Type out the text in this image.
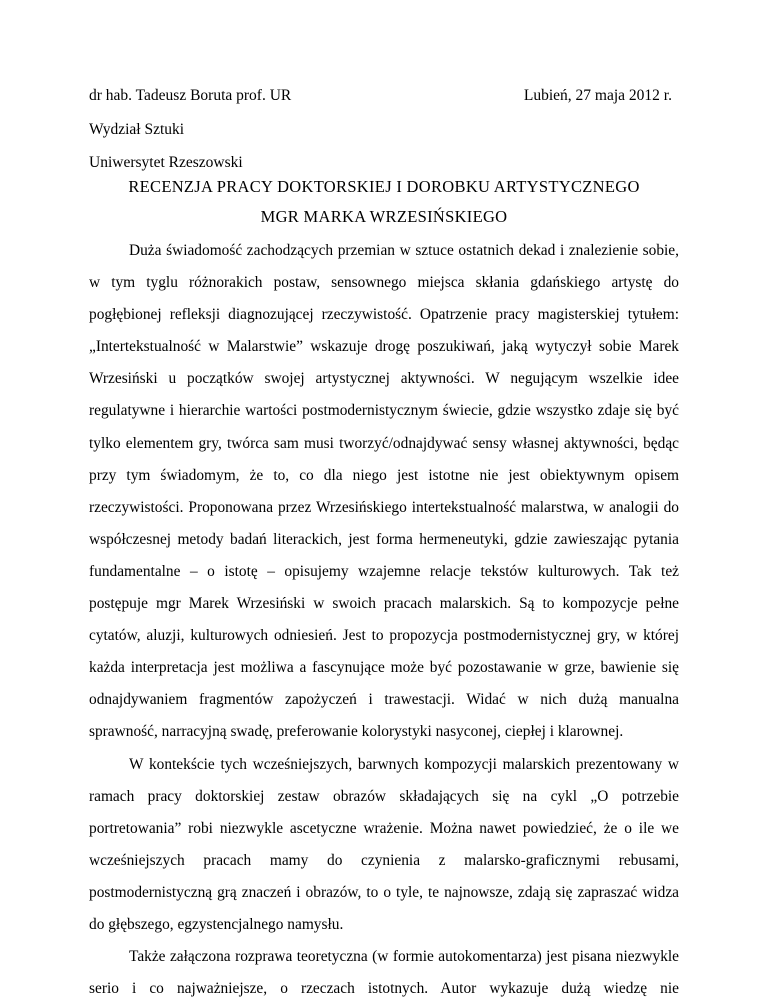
dr hab. Tadeusz Boruta prof. UR	Lubień, 27 maja 2012 r.
Wydział Sztuki
Uniwersytet Rzeszowski
RECENZJA PRACY DOKTORSKIEJ I DOROBKU ARTYSTYCZNEGO
MGR MARKA WRZESIŃSKIEGO

Duża świadomość zachodzących przemian w sztuce ostatnich dekad i znalezienie sobie, w tym tyglu różnorakich postaw, sensownego miejsca skłania gdańskiego artystę do pogłębionej refleksji diagnozującej rzeczywistość. Opatrzenie pracy magisterskiej tytułem: „Intertekstualność w Malarstwie” wskazuje drogę poszukiwań, jaką wytyczył sobie Marek Wrzesiński u początków swojej artystycznej aktywności. W negującym wszelkie idee regulatywne i hierarchie wartości postmodernistycznym świecie, gdzie wszystko zdaje się być tylko elementem gry, twórca sam musi tworzyć/odnajdywać sensy własnej aktywności, będąc przy tym świadomym, że to, co dla niego jest istotne nie jest obiektywnym opisem rzeczywistości. Proponowana przez Wrzesińskiego intertekstualność malarstwa, w analogii do współczesnej metody badań literackich, jest forma hermeneutyki, gdzie zawieszając pytania fundamentalne – o istotę – opisujemy wzajemne relacje tekstów kulturowych. Tak też postępuje mgr Marek Wrzesiński w swoich pracach malarskich. Są to kompozycje pełne cytatów, aluzji, kulturowych odniesień. Jest to propozycja postmodernistycznej gry, w której każda interpretacja jest możliwa a fascynujące może być pozostawanie w grze, bawienie się odnajdywaniem fragmentów zapożyczeń i trawestacji. Widać w nich dużą manualna sprawność, narracyjną swadę, preferowanie kolorystyki nasyconej, ciepłej i klarownej.

W kontekście tych wcześniejszych, barwnych kompozycji malarskich prezentowany w ramach pracy doktorskiej zestaw obrazów składających się na cykl „O potrzebie portretowania” robi niezwykle ascetyczne wrażenie. Można nawet powiedzieć, że o ile we wcześniejszych pracach mamy do czynienia z malarsko-graficznymi rebusami, postmodernistyczną grą znaczeń i obrazów, to o tyle, te najnowsze, zdają się zapraszać widza do głębszego, egzystencjalnego namysłu.

Także załączona rozprawa teoretyczna (w formie autokomentarza) jest pisana niezwykle serio i co najważniejsze, o rzeczach istotnych. Autor wykazuje dużą wiedzę nie
